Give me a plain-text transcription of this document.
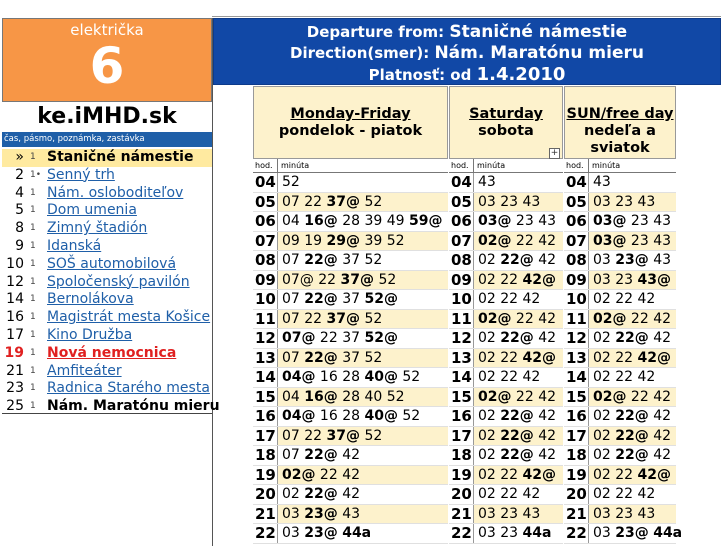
električka
6
ke.iMHD.sk
čas, pásmo, poznámka, zastávka
» 1 Staničné námestie
2 1• Senný trh
4 1 Nám. osloboditeľov
5 1 Dom umenia
8 1 Zimný štadión
9 1 Idanská
10 1 SOŠ automobilová
12 1 Spoločenský pavilón
14 1 Bernolákova
16 1 Magistrát mesta Košice
17 1 Kino Družba
19 1 Nová nemocnica
21 1 Amfiteáter
23 1 Radnica Starého mesta
25 1 Nám. Maratónu mieru
Departure from: Staničné námestie
Direction(smer): Nám. Maratónu mieru
Platnosť: od 1.4.2010
Monday-Friday
pondelok - piatok
hod.	minúta
04 52
05 07 22 37@ 52
06 04 16@ 28 39 49 59@
07 09 19 29@ 39 52
08 07 22@ 37 52
09 07@ 22 37@ 52
10 07 22@ 37 52@
11 07 22 37@ 52
12 07@ 22 37 52@
13 07 22@ 37 52
14 04@ 16 28 40@ 52
15 04 16@ 28 40 52
16 04@ 16 28 40@ 52
17 07 22 37@ 52
18 07 22@ 42
19 02@ 22 42
20 02 22@ 42
21 03 23@ 43
22 03 23@ 44a
Saturday
sobota
hod.	minúta
04 43
05 03 23 43
06 03@ 23 43
07 02@ 22 42
08 02 22@ 42
09 02 22 42@
10 02 22 42
11 02@ 22 42
12 02 22@ 42
13 02 22 42@
14 02 22 42
15 02@ 22 42
16 02 22@ 42
17 02 22@ 42
18 02 22@ 42
19 02 22 42@
20 02 22 42
21 03 23 43
22 03 23 44a
SUN/free day
nedeľa a sviatok
hod.	minúta
04 43
05 03 23 43
06 03@ 23 43
07 03@ 23 43
08 03 23@ 43
09 03 23 43@
10 02 22 42
11 02@ 22 42
12 02 22@ 42
13 02 22 42@
14 02 22 42
15 02@ 22 42
16 02 22@ 42
17 02 22@ 42
18 02 22@ 42
19 02 22 42@
20 02 22 42
21 03 23 43
22 03 23@ 44a
+
